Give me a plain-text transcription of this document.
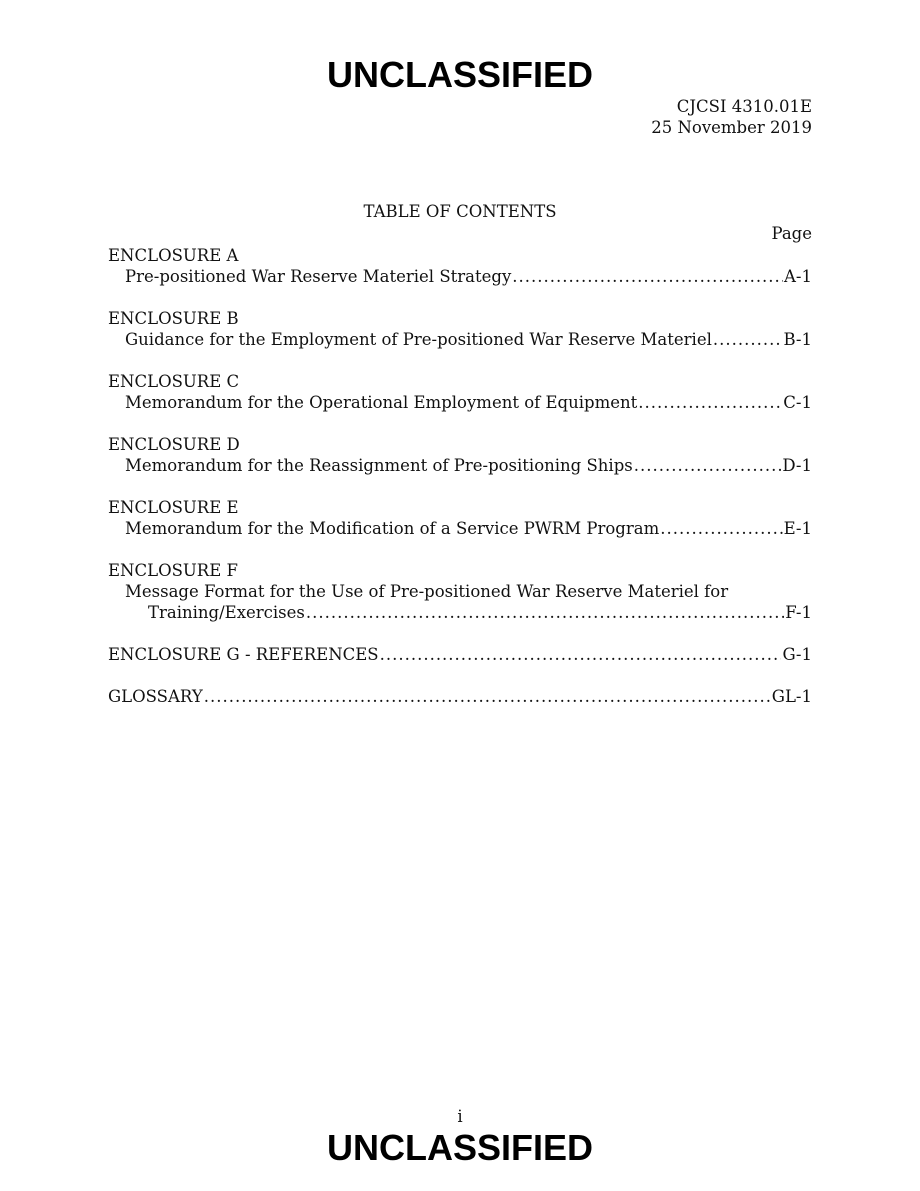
UNCLASSIFIED
CJCSI 4310.01E
25 November 2019
TABLE OF CONTENTS
Page
ENCLOSURE A
Pre-positioned War Reserve Materiel Strategy .....	A-1
ENCLOSURE B
Guidance for the Employment of Pre-positioned War Reserve Materiel .....	B-1
ENCLOSURE C
Memorandum for the Operational Employment of Equipment .....	C-1
ENCLOSURE D
Memorandum for the Reassignment of Pre-positioning Ships .....	D-1
ENCLOSURE E
Memorandum for the Modification of a Service PWRM Program .....	E-1
ENCLOSURE F
Message Format for the Use of Pre-positioned War Reserve Materiel for
Training/Exercises .....	F-1
ENCLOSURE G - REFERENCES .....	G-1
GLOSSARY .....	GL-1
i
UNCLASSIFIED
